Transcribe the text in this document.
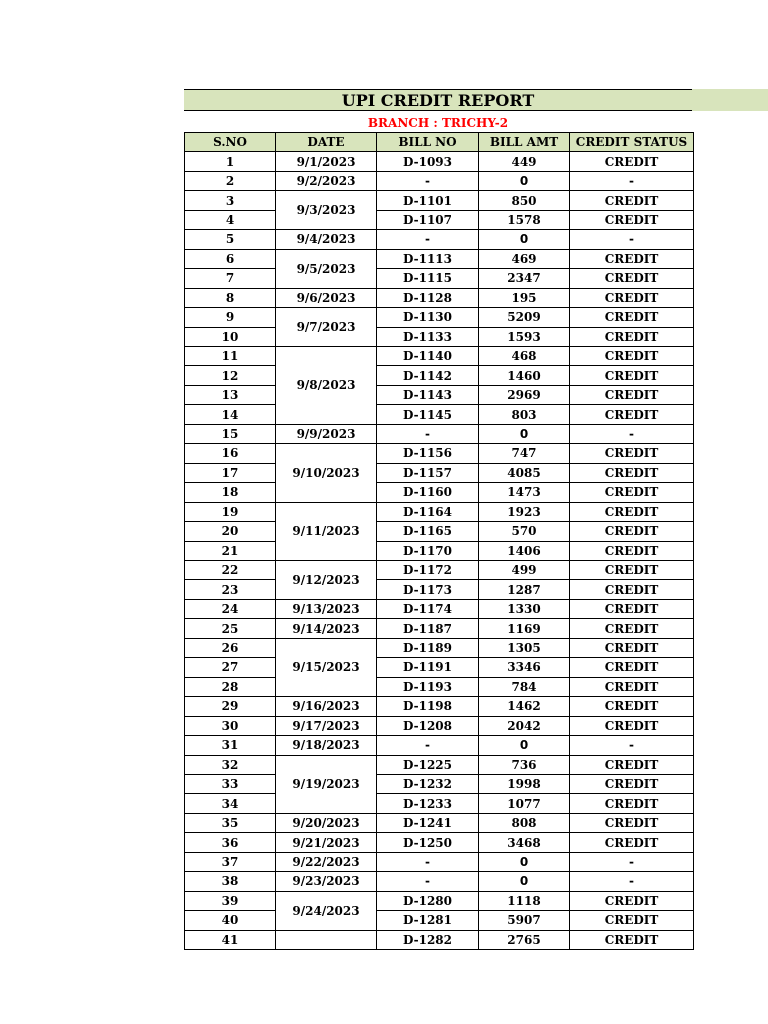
UPI CREDIT REPORT
BRANCH : TRICHY-2
S.NO	DATE	BILL NO	BILL AMT	CREDIT STATUS
1	9/1/2023	D-1093	449	CREDIT
2	9/2/2023	-	0	-
3	9/3/2023	D-1101	850	CREDIT
4		D-1107	1578	CREDIT
5	9/4/2023	-	0	-
6	9/5/2023	D-1113	469	CREDIT
7		D-1115	2347	CREDIT
8	9/6/2023	D-1128	195	CREDIT
9	9/7/2023	D-1130	5209	CREDIT
10		D-1133	1593	CREDIT
11	9/8/2023	D-1140	468	CREDIT
12		D-1142	1460	CREDIT
13		D-1143	2969	CREDIT
14		D-1145	803	CREDIT
15	9/9/2023	-	0	-
16	9/10/2023	D-1156	747	CREDIT
17		D-1157	4085	CREDIT
18		D-1160	1473	CREDIT
19	9/11/2023	D-1164	1923	CREDIT
20		D-1165	570	CREDIT
21		D-1170	1406	CREDIT
22	9/12/2023	D-1172	499	CREDIT
23		D-1173	1287	CREDIT
24	9/13/2023	D-1174	1330	CREDIT
25	9/14/2023	D-1187	1169	CREDIT
26	9/15/2023	D-1189	1305	CREDIT
27		D-1191	3346	CREDIT
28		D-1193	784	CREDIT
29	9/16/2023	D-1198	1462	CREDIT
30	9/17/2023	D-1208	2042	CREDIT
31	9/18/2023	-	0	-
32	9/19/2023	D-1225	736	CREDIT
33		D-1232	1998	CREDIT
34		D-1233	1077	CREDIT
35	9/20/2023	D-1241	808	CREDIT
36	9/21/2023	D-1250	3468	CREDIT
37	9/22/2023	-	0	-
38	9/23/2023	-	0	-
39	9/24/2023	D-1280	1118	CREDIT
40		D-1281	5907	CREDIT
41		D-1282	2765	CREDIT
